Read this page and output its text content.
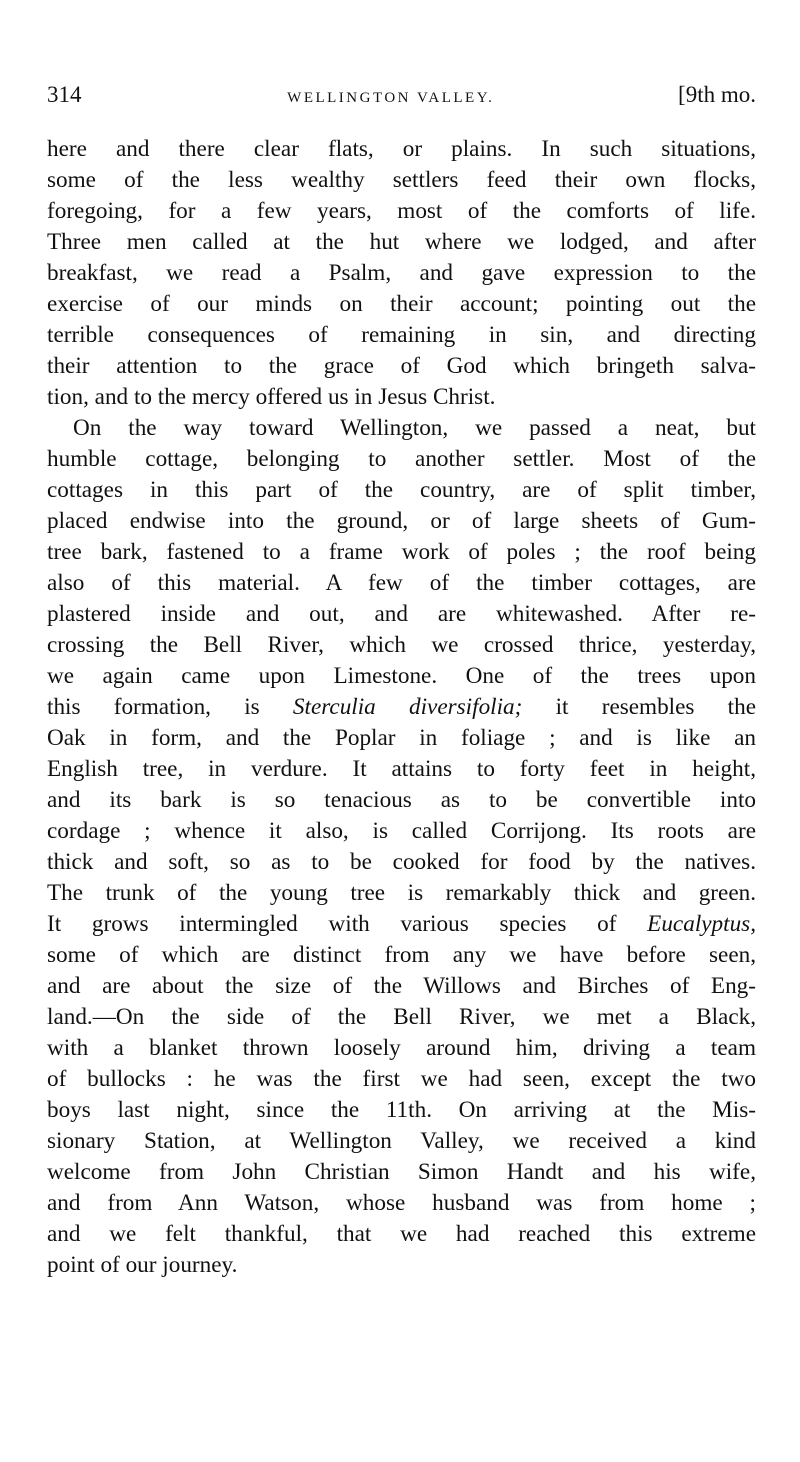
314	WELLINGTON VALLEY.	[9th mo.
here and there clear flats, or plains. In such situations,
some of the less wealthy settlers feed their own flocks,
foregoing, for a few years, most of the comforts of life.
Three men called at the hut where we lodged, and after
breakfast, we read a Psalm, and gave expression to the
exercise of our minds on their account; pointing out the
terrible consequences of remaining in sin, and directing
their attention to the grace of God which bringeth salva-
tion, and to the mercy offered us in Jesus Christ.
On the way toward Wellington, we passed a neat, but
humble cottage, belonging to another settler. Most of the
cottages in this part of the country, are of split timber,
placed endwise into the ground, or of large sheets of Gum-
tree bark, fastened to a frame work of poles ; the roof being
also of this material. A few of the timber cottages, are
plastered inside and out, and are whitewashed. After re-
crossing the Bell River, which we crossed thrice, yesterday,
we again came upon Limestone. One of the trees upon
this formation, is Sterculia diversifolia; it resembles the
Oak in form, and the Poplar in foliage ; and is like an
English tree, in verdure. It attains to forty feet in height,
and its bark is so tenacious as to be convertible into
cordage ; whence it also, is called Corrijong. Its roots are
thick and soft, so as to be cooked for food by the natives.
The trunk of the young tree is remarkably thick and green.
It grows intermingled with various species of Eucalyptus,
some of which are distinct from any we have before seen,
and are about the size of the Willows and Birches of Eng-
land.—On the side of the Bell River, we met a Black,
with a blanket thrown loosely around him, driving a team
of bullocks : he was the first we had seen, except the two
boys last night, since the 11th. On arriving at the Mis-
sionary Station, at Wellington Valley, we received a kind
welcome from John Christian Simon Handt and his wife,
and from Ann Watson, whose husband was from home ;
and we felt thankful, that we had reached this extreme
point of our journey.
